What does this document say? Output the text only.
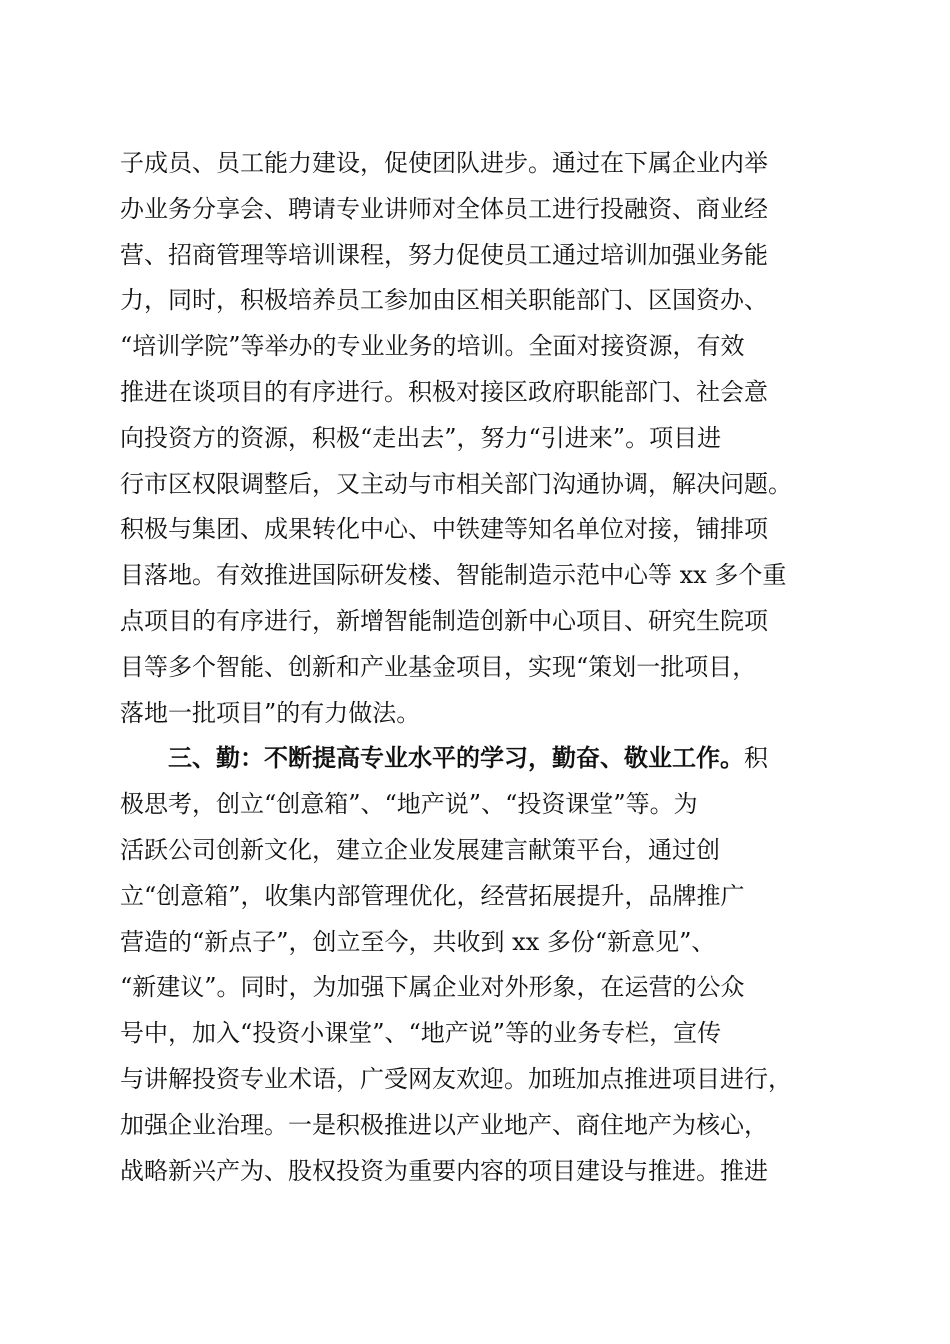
子成员、员工能力建设，促使团队进步。通过在下属企业内举
办业务分享会、聘请专业讲师对全体员工进行投融资、商业经
营、招商管理等培训课程，努力促使员工通过培训加强业务能
力，同时，积极培养员工参加由区相关职能部门、区国资办、
“培训学院”等举办的专业业务的培训。全面对接资源，有效
推进在谈项目的有序进行。积极对接区政府职能部门、社会意
向投资方的资源，积极“走出去”，努力“引进来”。项目进
行市区权限调整后，又主动与市相关部门沟通协调，解决问题。
积极与集团、成果转化中心、中铁建等知名单位对接，铺排项
目落地。有效推进国际研发楼、智能制造示范中心等 xx 多个重
点项目的有序进行，新增智能制造创新中心项目、研究生院项
目等多个智能、创新和产业基金项目，实现“策划一批项目，
落地一批项目”的有力做法。
三、勤：不断提高专业水平的学习，勤奋、敬业工作。积
极思考，创立“创意箱”、“地产说”、“投资课堂”等。为
活跃公司创新文化，建立企业发展建言献策平台，通过创
立“创意箱”，收集内部管理优化，经营拓展提升，品牌推广
营造的“新点子”，创立至今，共收到 xx 多份“新意见”、
“新建议”。同时，为加强下属企业对外形象，在运营的公众
号中，加入“投资小课堂”、“地产说”等的业务专栏，宣传
与讲解投资专业术语，广受网友欢迎。加班加点推进项目进行，
加强企业治理。一是积极推进以产业地产、商住地产为核心，
战略新兴产为、股权投资为重要内容的项目建设与推进。推进
